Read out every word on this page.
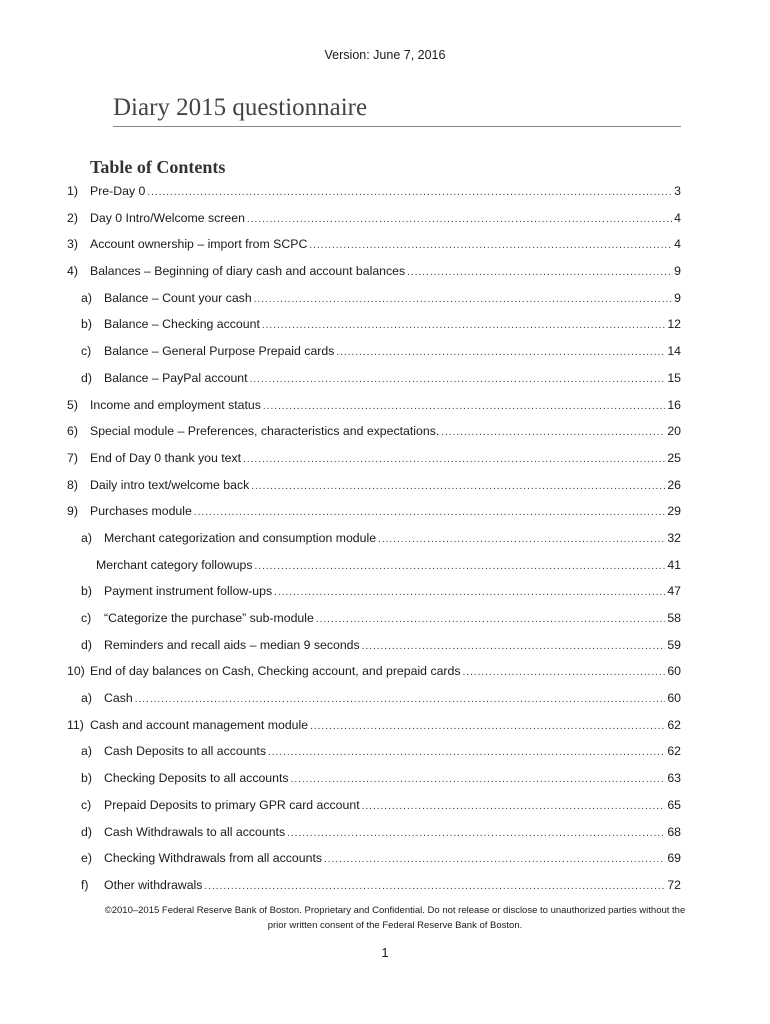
Version: June 7, 2016
Diary 2015 questionnaire
Table of Contents
1) Pre-Day 0 .....	3
2) Day 0 Intro/Welcome screen .....	4
3) Account ownership – import from SCPC .....	4
4) Balances – Beginning of diary cash and account balances .....	9
a) Balance – Count your cash .....	9
b) Balance – Checking account .....	12
c) Balance – General Purpose Prepaid cards .....	14
d) Balance – PayPal account .....	15
5) Income and employment status .....	16
6) Special module – Preferences, characteristics and expectations. .....	20
7) End of Day 0 thank you text .....	25
8) Daily intro text/welcome back .....	26
9) Purchases module .....	29
a) Merchant categorization and consumption module .....	32
Merchant category followups .....	41
b) Payment instrument follow-ups .....	47
c) “Categorize the purchase” sub-module .....	58
d) Reminders and recall aids – median 9 seconds .....	59
10) End of day balances on Cash, Checking account, and prepaid cards .....	60
a) Cash .....	60
11) Cash and account management module .....	62
a) Cash Deposits to all accounts .....	62
b) Checking Deposits to all accounts .....	63
c) Prepaid Deposits to primary GPR card account .....	65
d) Cash Withdrawals to all accounts .....	68
e) Checking Withdrawals from all accounts .....	69
f) Other withdrawals .....	72
©2010–2015 Federal Reserve Bank of Boston. Proprietary and Confidential. Do not release or disclose to unauthorized parties without the prior written consent of the Federal Reserve Bank of Boston.
1
